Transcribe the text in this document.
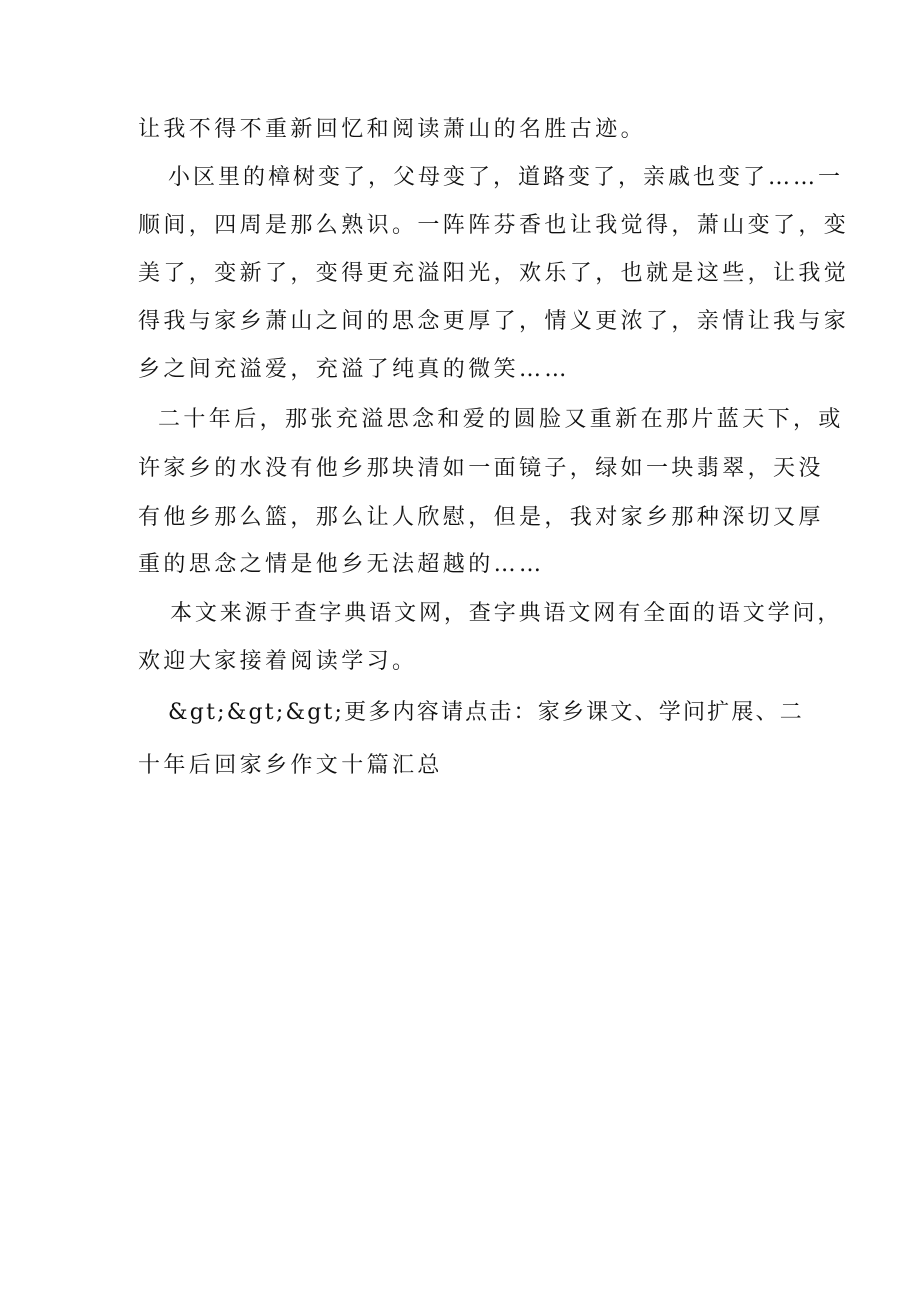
让我不得不重新回忆和阅读萧山的名胜古迹。

小区里的樟树变了，父母变了，道路变了，亲戚也变了……一

顺间，四周是那么熟识。一阵阵芬香也让我觉得，萧山变了，变

美了，变新了，变得更充溢阳光，欢乐了，也就是这些，让我觉

得我与家乡萧山之间的思念更厚了，情义更浓了，亲情让我与家

乡之间充溢爱，充溢了纯真的微笑……

二十年后，那张充溢思念和爱的圆脸又重新在那片蓝天下，或

许家乡的水没有他乡那块清如一面镜子，绿如一块翡翠，天没

有他乡那么篮，那么让人欣慰，但是，我对家乡那种深切又厚

重的思念之情是他乡无法超越的……

本文来源于查字典语文网，查字典语文网有全面的语文学问，

欢迎大家接着阅读学习。

&gt;&gt;&gt;更多内容请点击：家乡课文、学问扩展、二

十年后回家乡作文十篇汇总
